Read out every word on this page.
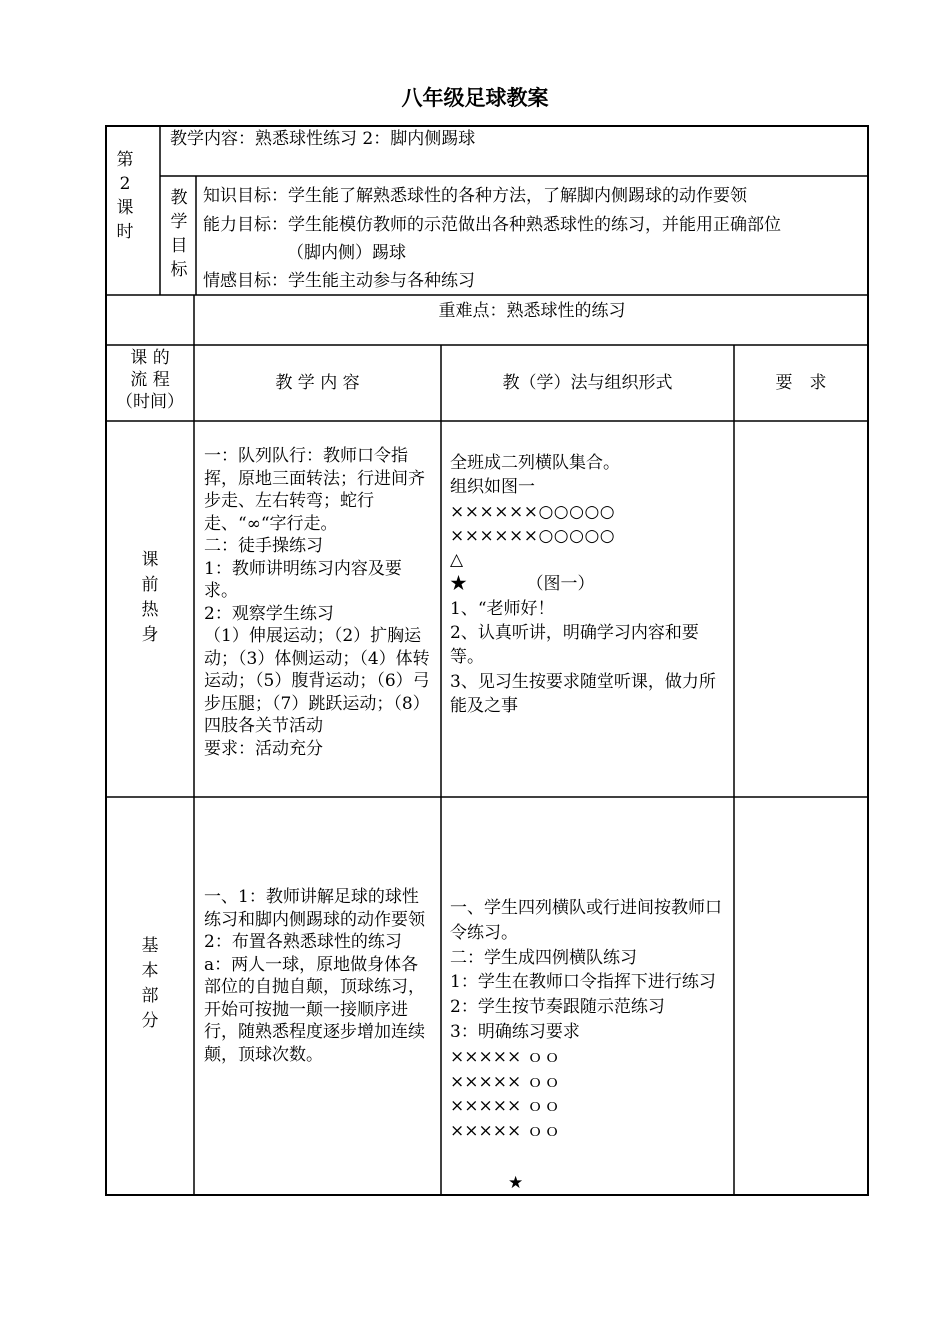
八年级足球教案
第
2
课
时
教学内容：熟悉球性练习 2：脚内侧踢球
教
学
目
标
知识目标：学生能了解熟悉球性的各种方法，了解脚内侧踢球的动作要领
能力目标：学生能模仿教师的示范做出各种熟悉球性的练习，并能用正确部位
（脚内侧）踢球
情感目标：学生能主动参与各种练习
重难点：熟悉球性的练习
课 的
流 程
（时间）
教 学 内 容	教（学）法与组织形式	要　求
课
前
热
身
一：队列队行：教师口令指挥，原地三面转法；行进间齐步走、左右转弯；蛇行走、“∞“字行走。
二：徒手操练习
1：教师讲明练习内容及要求。
2：观察学生练习
（1）伸展运动；（2）扩胸运动；（3）体侧运动；（4）体转运动；（5）腹背运动；（6）弓步压腿；（7）跳跃运动；（8）四肢各关节活动
要求：活动充分
全班成二列横队集合。
组织如图一
××××××○○○○○
××××××○○○○○
△
★　　　　（图一）
1、“老师好！
2、认真听讲，明确学习内容和要等。
3、见习生按要求随堂听课，做力所能及之事
基
本
部
分
一、1：教师讲解足球的球性练习和脚内侧踢球的动作要领
2：布置各熟悉球性的练习
a：两人一球，原地做身体各部位的自抛自颠，顶球练习，开始可按抛一颠一接顺序进行，随熟悉程度逐步增加连续颠，顶球次数。
一、学生四列横队或行进间按教师口令练习。
二：学生成四例横队练习
1：学生在教师口令指挥下进行练习
2：学生按节奏跟随示范练习
3：明确练习要求
××××× ｏｏ
××××× ｏｏ
××××× ｏｏ
××××× ｏｏ
★
